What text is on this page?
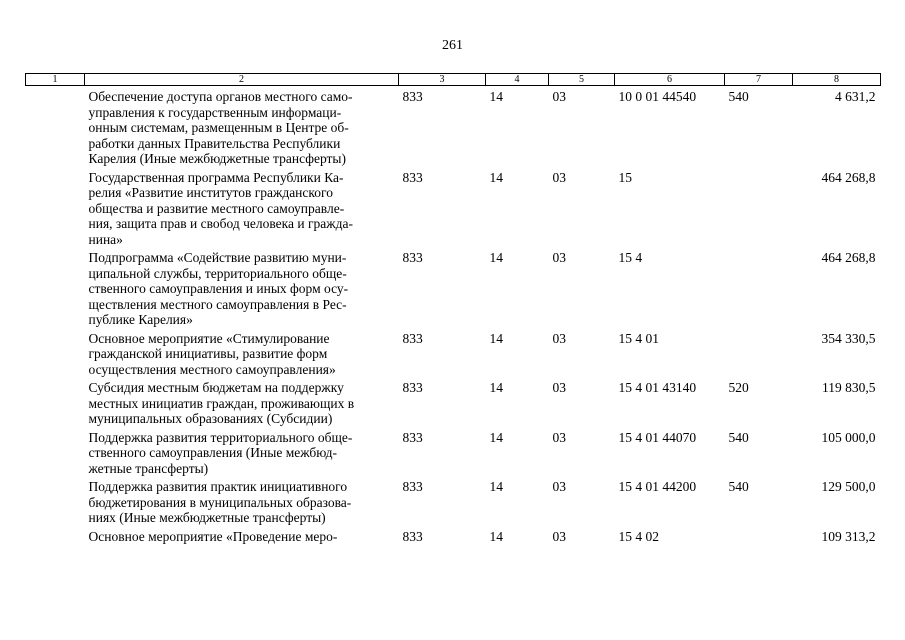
261
1	2	3	4	5	6	7	8
	Обеспечение доступа органов местного само-
управления к государственным информаци-
онным системам, размещенным в Центре об-
работки данных Правительства Республики
Карелия (Иные межбюджетные трансферты)	833	14	03	10 0 01 44540	540	4 631,2
	Государственная программа Республики Ка-
релия «Развитие институтов гражданского
общества и развитие местного самоуправле-
ния, защита прав и свобод человека и гражда-
нина»	833	14	03	15		464 268,8
	Подпрограмма «Содействие развитию муни-
ципальной службы, территориального обще-
ственного самоуправления и иных форм осу-
ществления местного самоуправления в Рес-
публике Карелия»	833	14	03	15 4		464 268,8
	Основное мероприятие «Стимулирование
гражданской инициативы, развитие форм
осуществления местного самоуправления»	833	14	03	15 4 01		354 330,5
	Субсидия местным бюджетам на поддержку
местных инициатив граждан, проживающих в
муниципальных образованиях (Субсидии)	833	14	03	15 4 01 43140	520	119 830,5
	Поддержка развития территориального обще-
ственного самоуправления (Иные межбюд-
жетные трансферты)	833	14	03	15 4 01 44070	540	105 000,0
	Поддержка развития практик инициативного
бюджетирования в муниципальных образова-
ниях (Иные межбюджетные трансферты)	833	14	03	15 4 01 44200	540	129 500,0
	Основное мероприятие «Проведение меро-	833	14	03	15 4 02		109 313,2
